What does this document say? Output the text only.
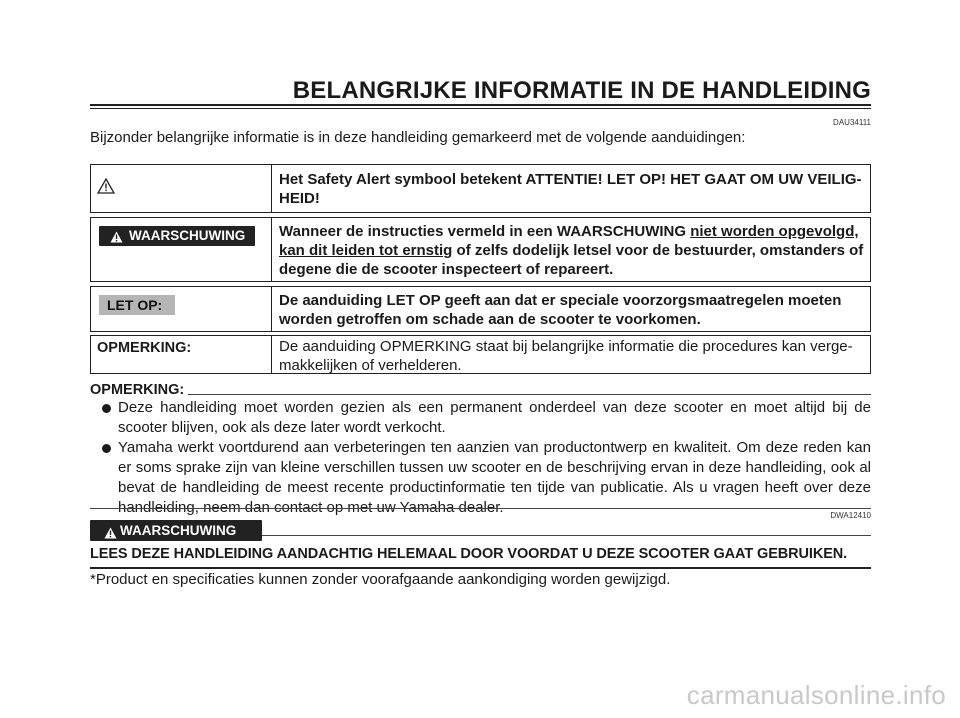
BELANGRIJKE INFORMATIE IN DE HANDLEIDING
DAU34111
Bijzonder belangrijke informatie is in deze handleiding gemarkeerd met de volgende aanduidingen:
Het Safety Alert symbool betekent ATTENTIE! LET OP! HET GAAT OM UW VEILIG-HEID!
WAARSCHUWING	Wanneer de instructies vermeld in een WAARSCHUWING niet worden opgevolgd, kan dit leiden tot ernstig of zelfs dodelijk letsel voor de bestuurder, omstanders of degene die de scooter inspecteert of repareert.
LET OP:	De aanduiding LET OP geeft aan dat er speciale voorzorgsmaatregelen moeten worden getroffen om schade aan de scooter te voorkomen.
OPMERKING:	De aanduiding OPMERKING staat bij belangrijke informatie die procedures kan verge-makkelijken of verhelderen.
OPMERKING:
Deze handleiding moet worden gezien als een permanent onderdeel van deze scooter en moet altijd bij de scooter blijven, ook als deze later wordt verkocht.
Yamaha werkt voortdurend aan verbeteringen ten aanzien van productontwerp en kwaliteit. Om deze reden kan er soms sprake zijn van kleine verschillen tussen uw scooter en de beschrijving ervan in deze handleiding, ook al bevat de handleiding de meest recente productinformatie ten tijde van publicatie. Als u vragen heeft over deze handleiding, neem dan contact op met uw Yamaha dealer.	DWA12410
WAARSCHUWING
LEES DEZE HANDLEIDING AANDACHTIG HELEMAAL DOOR VOORDAT U DEZE SCOOTER GAAT GEBRUIKEN.
*Product en specificaties kunnen zonder voorafgaande aankondiging worden gewijzigd.
carmanualsonline.info
